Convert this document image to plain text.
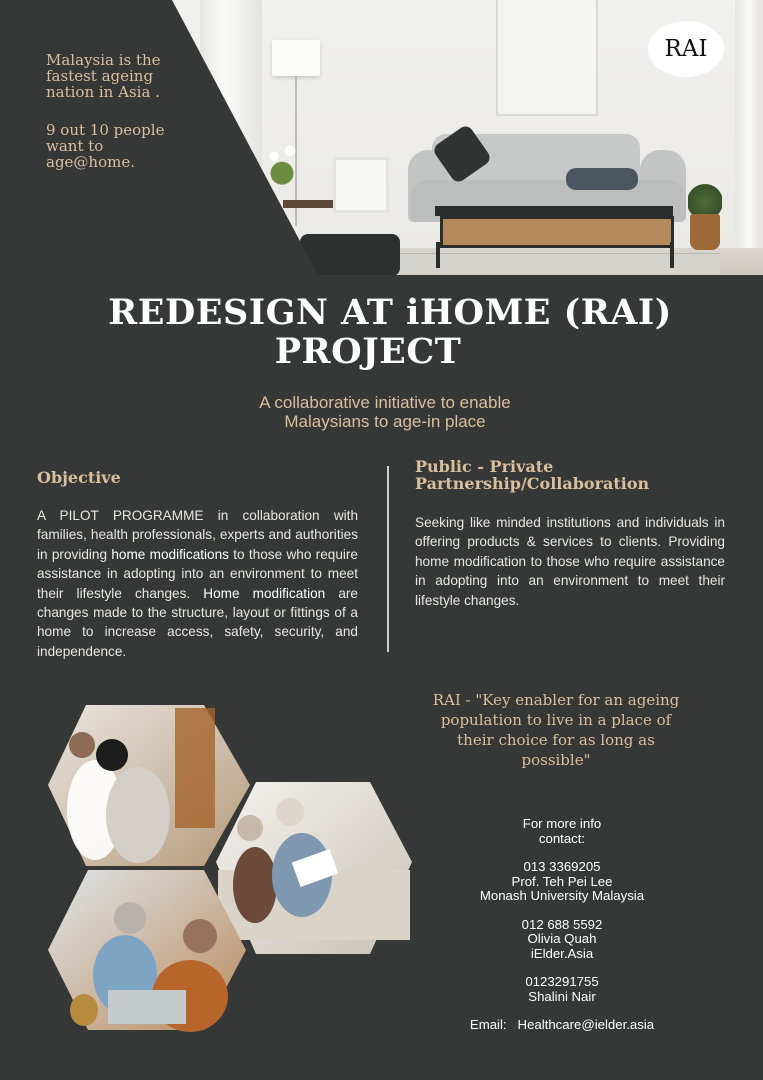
Malaysia is the fastest ageing nation in Asia .

9 out 10 people want to age@home.

RAI
REDESIGN AT iHOME (RAI)

PROJECT

A collaborative initiative to enable
Malaysians to age-in place

Objective

A PILOT PROGRAMME in collaboration with families, health professionals, experts and authorities in providing home modifications to those who require assistance in adopting into an environment to meet their lifestyle changes. Home modification are changes made to the structure, layout or fittings of a home to increase access, safety, security, and independence.

Public - Private Partnership/Collaboration

Seeking like minded institutions and individuals in offering products & services to clients. Providing home modification to those who require assistance in adopting into an environment to meet their lifestyle changes.

RAI - "Key enabler for an ageing population to live in a place of their choice for as long as possible"

For more info

contact:

013 3369205

Prof. Teh Pei Lee

Monash University Malaysia

012 688 5592

Olivia Quah

iElder.Asia

0123291755

Shalini Nair

Email: Healthcare@ielder.asia
